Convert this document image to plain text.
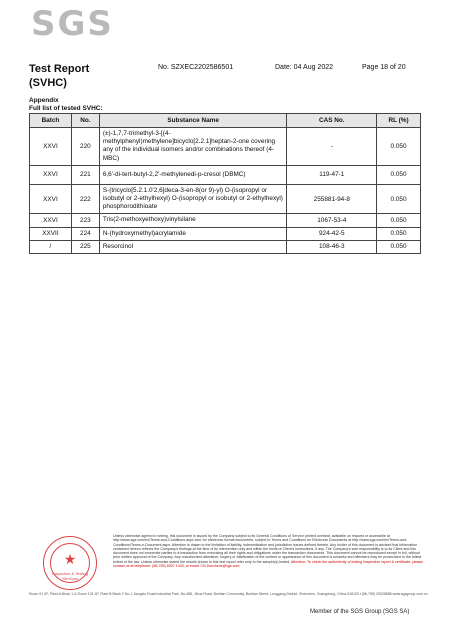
SGS
Test Report
(SVHC)
No. SZXEC2202586501	Date: 04 Aug 2022	Page 18 of 20
Appendix
Full list of tested SVHC:
Batch	No.	Substance Name	CAS No.	RL (%)
XXVI	220	(±)-1,7,7-trimethyl-3-[(4-methylphenyl)methylene]bicyclo[2.2.1]heptan-2-one covering any of the individual isomers and/or combinations thereof (4-MBC)	-	0.050
XXVI	221	6,6'-di-tert-butyl-2,2'-methylenedi-p-cresol (DBMC)	119-47-1	0.050
XXVI	222	S-(tricyclo[5.2.1.0'2,6]deca-3-en-8(or 9)-yl) O-(isopropyl or isobutyl or 2-ethylhexyl) O-(isopropyl or isobutyl or 2-ethylhexyl) phosphorodithioate	255881-94-8	0.050
XXVI	223	Tris(2-methoxyethoxy)vinylsilane	1067-53-4	0.050
XXVII	224	N-(hydroxymethyl)acrylamide	924-42-5	0.050
/	225	Resorcinol	108-46-3	0.050
★
Inspection & Testing Services
Unless otherwise agreed in writing, this document is issued by the Company subject to its General Conditions of Service printed overleaf, available on request or accessible at http://www.sgs.com/en/Terms-and-Conditions.aspx and, for electronic format documents, subject to Terms and Conditions for Electronic Documents at http://www.sgs.com/en/Terms-and-Conditions/Terms-e-Document.aspx. Attention is drawn to the limitation of liability, indemnification and jurisdiction issues defined therein. Any holder of this document is advised that information contained hereon reflects the Company's findings at the time of its intervention only and within the limits of Client's instructions, if any. The Company's sole responsibility is to its Client and this document does not exonerate parties to a transaction from exercising all their rights and obligations under the transaction documents. This document cannot be reproduced except in full, without prior written approval of the Company. Any unauthorized alteration, forgery or falsification of the content or appearance of this document is unlawful and offenders may be prosecuted to the fullest extent of the law. Unless otherwise stated the results shown in this test report refer only to the sample(s) tested. Attention: To check the authenticity of testing /inspection report & certificate, please contact us at telephone: (86-755) 8307 1443, or email: CN.Doccheck@sgs.com
Room 01 4F, Plant A Block 1 & Room 101 4F, Plant B Block 2 No.1 Jiangxiu Road Industrial Park, No.488, Jihua Road, Bantian Community, Bantian Street, Longgang District, Shenzhen, Guangdong, China 518129 t (86-755) 25328888 www.sgsgroup.com.cn
Member of the SGS Group (SGS SA)
